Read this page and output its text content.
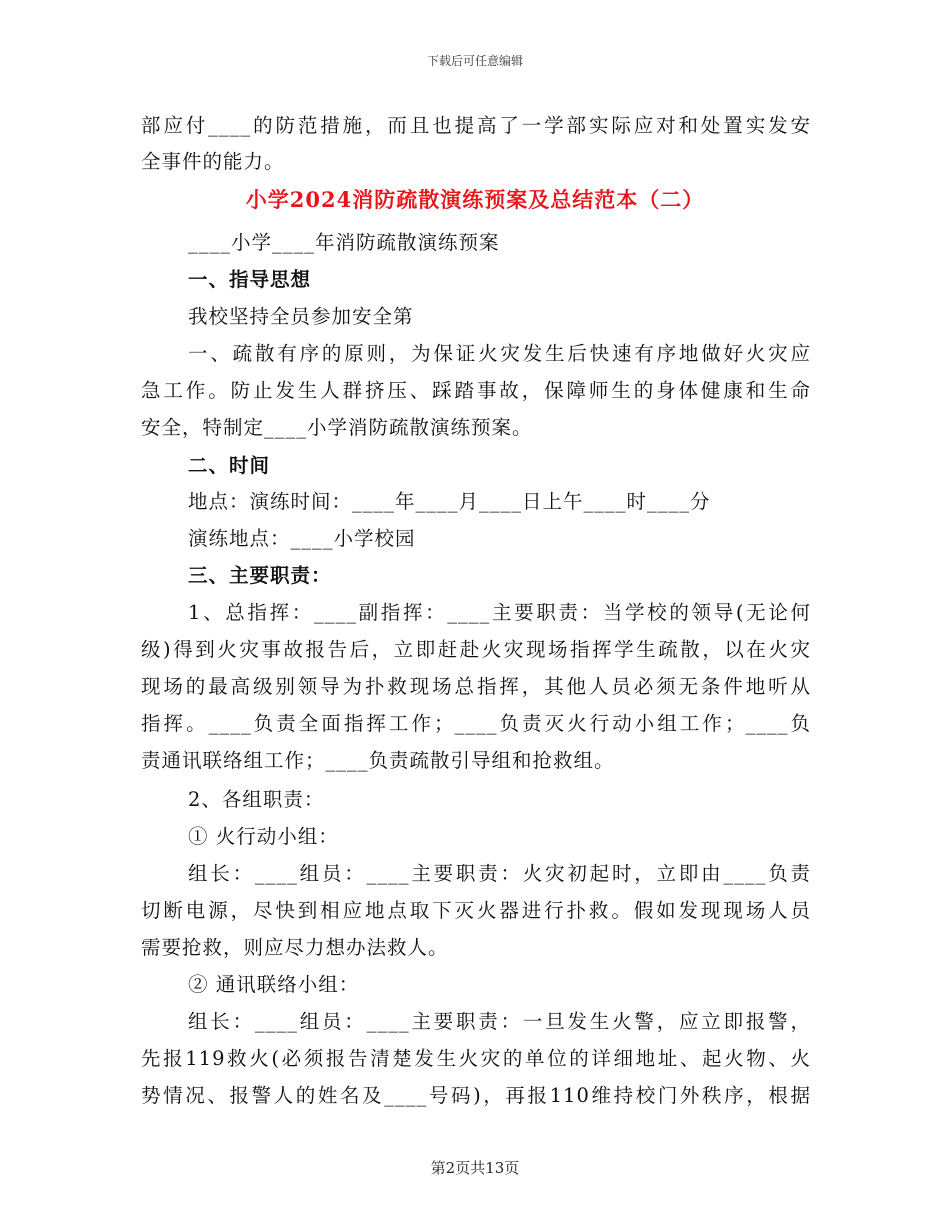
下载后可任意编辑
部应付____的防范措施，而且也提高了一学部实际应对和处置实发安
全事件的能力。
小学2024消防疏散演练预案及总结范本（二）
____小学____年消防疏散演练预案
一、指导思想
我校坚持全员参加安全第
一、疏散有序的原则，为保证火灾发生后快速有序地做好火灾应
急工作。防止发生人群挤压、踩踏事故，保障师生的身体健康和生命
安全，特制定____小学消防疏散演练预案。
二、时间
地点：演练时间：____年____月____日上午____时____分
演练地点：____小学校园
三、主要职责：
1、总指挥：____副指挥：____主要职责：当学校的领导(无论何
级)得到火灾事故报告后，立即赶赴火灾现场指挥学生疏散，以在火灾
现场的最高级别领导为扑救现场总指挥，其他人员必须无条件地听从
指挥。____负责全面指挥工作；____负责灭火行动小组工作；____负
责通讯联络组工作；____负责疏散引导组和抢救组。
2、各组职责：
① 火行动小组：
组长：____组员：____主要职责：火灾初起时，立即由____负责
切断电源，尽快到相应地点取下灭火器进行扑救。假如发现现场人员
需要抢救，则应尽力想办法救人。
② 通讯联络小组：
组长：____组员：____主要职责：一旦发生火警，应立即报警，
先报119救火(必须报告清楚发生火灾的单位的详细地址、起火物、火
势情况、报警人的姓名及____号码)，再报110维持校门外秩序，根据
第2页共13页
